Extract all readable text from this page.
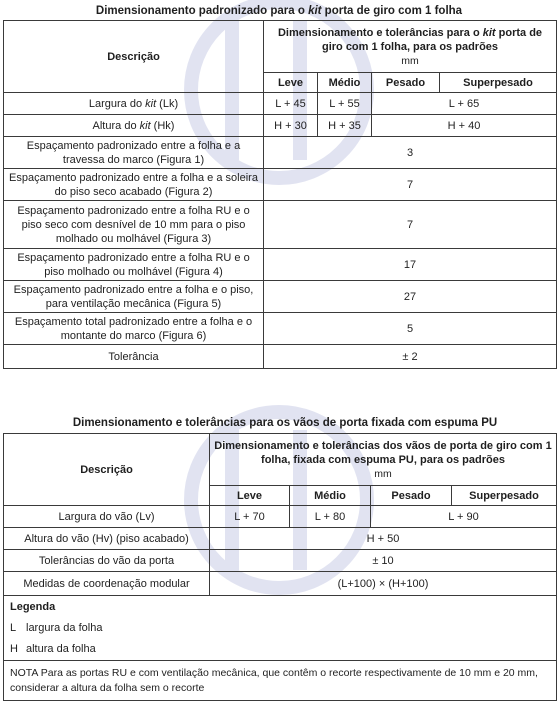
Dimensionamento padronizado para o kit porta de giro com 1 folha
Descrição	Dimensionamento e tolerâncias para o kit porta de giro com 1 folha, para os padrões
mm			

	Leve	Médio	Pesado	Superpesado
Largura do kit (Lk)	L + 45	L + 55	L + 65	
Altura do kit (Hk)	H + 30	H + 35	H + 40	
Espaçamento padronizado entre a folha e a travessa do marco (Figura 1)	3			
Espaçamento padronizado entre a folha e a soleira do piso seco acabado (Figura 2)	7			
Espaçamento padronizado entre a folha RU e o piso seco com desnível de 10 mm para o piso molhado ou molhável (Figura 3)	7			
Espaçamento padronizado entre a folha RU e o piso molhado ou molhável (Figura 4)	17			
Espaçamento padronizado entre a folha e o piso, para ventilação mecânica (Figura 5)	27			
Espaçamento total padronizado entre a folha e o montante do marco (Figura 6)	5			
Tolerância	± 2			
Dimensionamento e tolerâncias para os vãos de porta fixada com espuma PU
Descrição	Dimensionamento e tolerâncias dos vãos de porta de giro com 1 folha, fixada com espuma PU, para os padrões
mm			

	Leve	Médio	Pesado	Superpesado
Largura do vão (Lv)	L + 70	L + 80	L + 90	
Altura do vão (Hv) (piso acabado)	H + 50			
Tolerâncias do vão da porta	± 10			
Medidas de coordenação modular	(L+100) × (H+100)			

Legenda
L largura da folha
H altura da folha				

NOTA Para as portas RU e com ventilação mecânica, que contêm o recorte respectivamente de 10 mm e 20 mm, considerar a altura da folha sem o recorte				
